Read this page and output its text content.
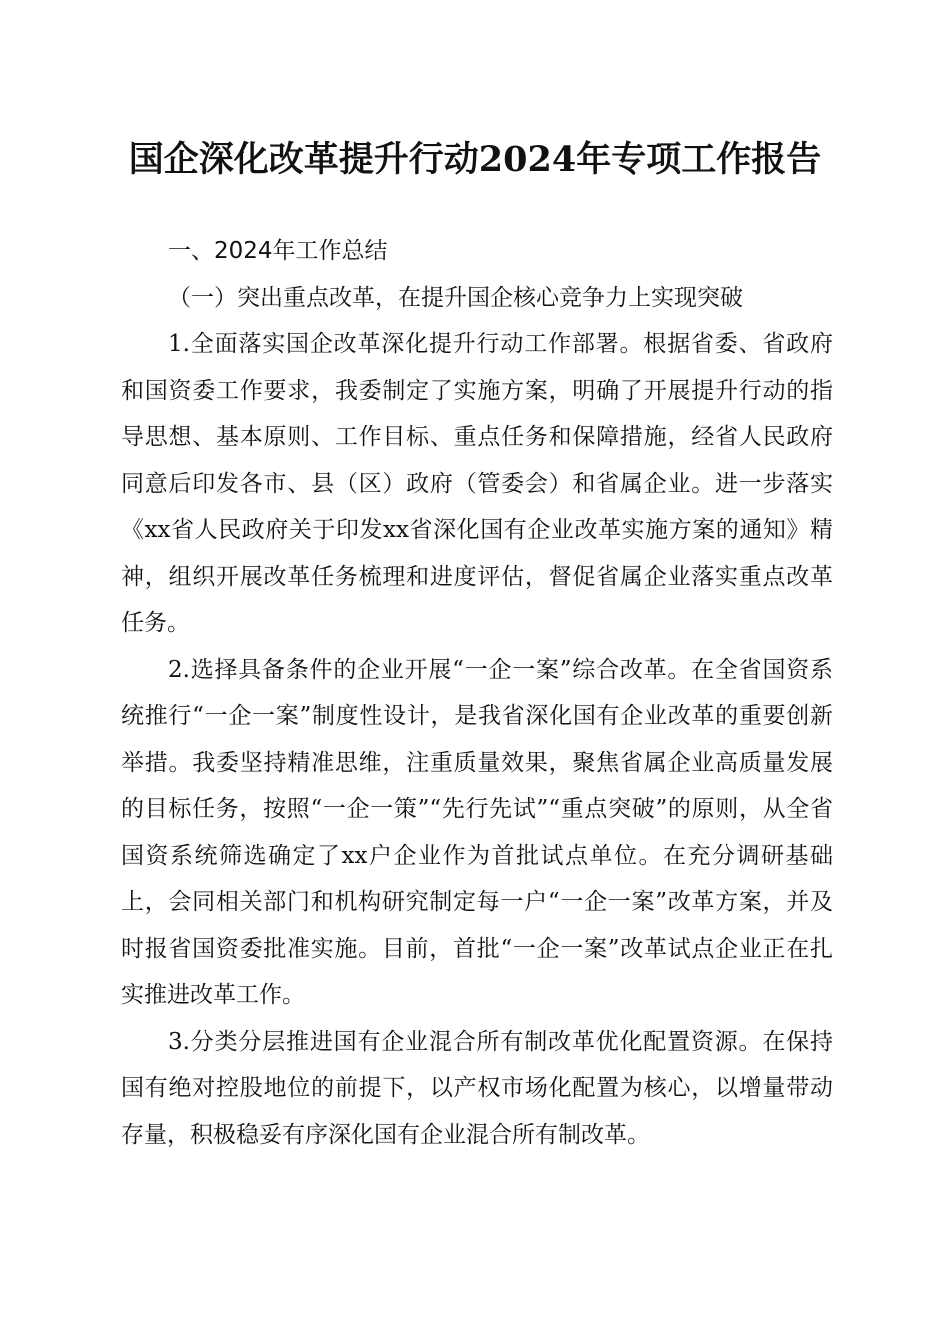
国企深化改革提升行动2024年专项工作报告

一、2024年工作总结

（一）突出重点改革，在提升国企核心竞争力上实现突破

1.全面落实国企改革深化提升行动工作部署。根据省委、省政府和国资委工作要求，我委制定了实施方案，明确了开展提升行动的指导思想、基本原则、工作目标、重点任务和保障措施，经省人民政府同意后印发各市、县（区）政府（管委会）和省属企业。进一步落实《xx省人民政府关于印发xx省深化国有企业改革实施方案的通知》精神，组织开展改革任务梳理和进度评估，督促省属企业落实重点改革任务。

2.选择具备条件的企业开展“一企一案”综合改革。在全省国资系统推行“一企一案”制度性设计，是我省深化国有企业改革的重要创新举措。我委坚持精准思维，注重质量效果，聚焦省属企业高质量发展的目标任务，按照“一企一策”“先行先试”“重点突破”的原则，从全省国资系统筛选确定了xx户企业作为首批试点单位。在充分调研基础上，会同相关部门和机构研究制定每一户“一企一案”改革方案，并及时报省国资委批准实施。目前，首批“一企一案”改革试点企业正在扎实推进改革工作。

3.分类分层推进国有企业混合所有制改革优化配置资源。在保持国有绝对控股地位的前提下，以产权市场化配置为核心，以增量带动存量，积极稳妥有序深化国有企业混合所有制改革。
